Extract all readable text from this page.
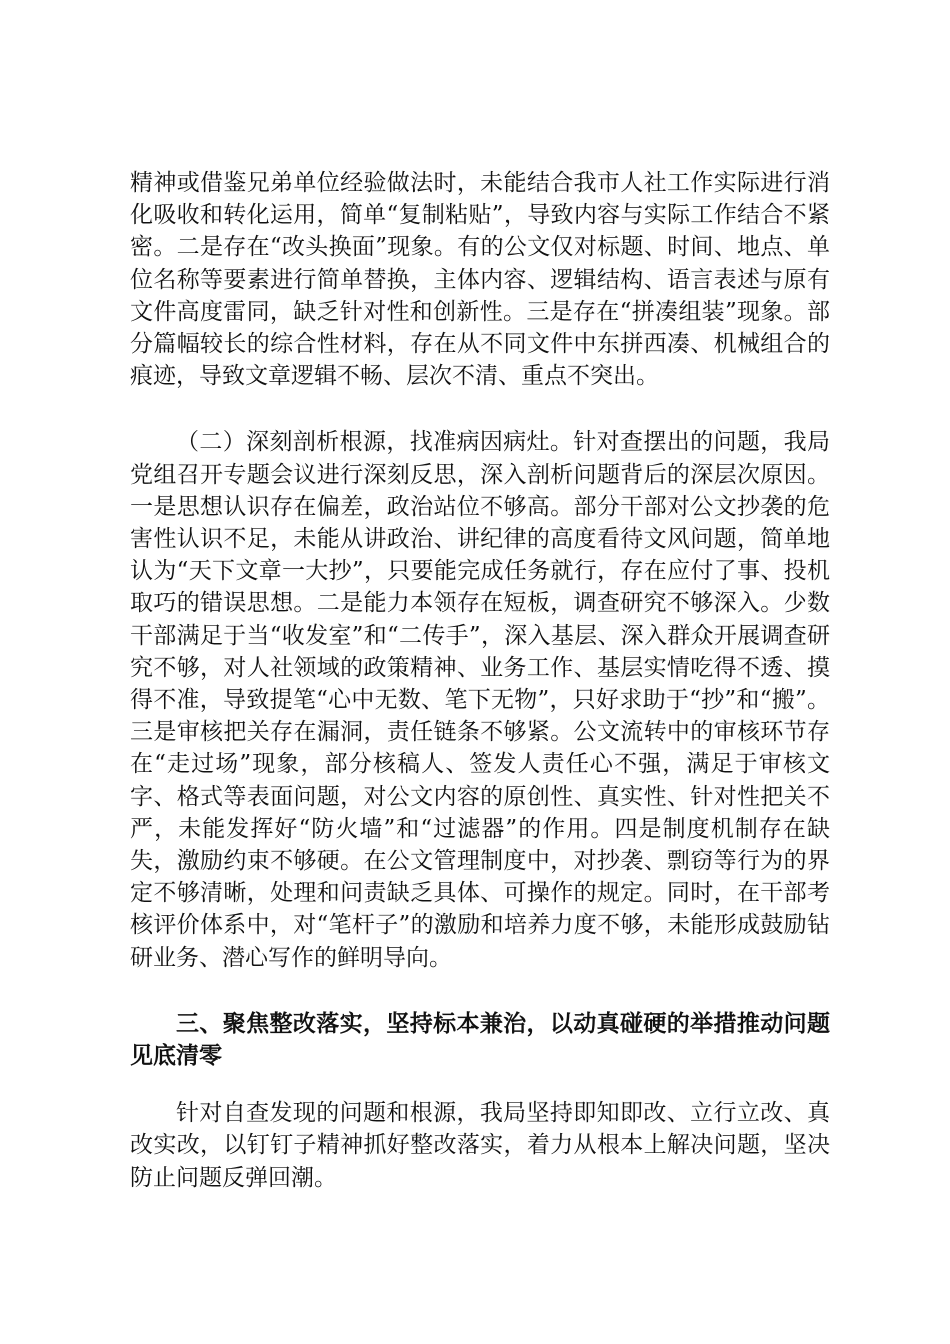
精神或借鉴兄弟单位经验做法时，未能结合我市人社工作实际进行消化吸收和转化运用，简单“复制粘贴”，导致内容与实际工作结合不紧密。二是存在“改头换面”现象。有的公文仅对标题、时间、地点、单位名称等要素进行简单替换，主体内容、逻辑结构、语言表述与原有文件高度雷同，缺乏针对性和创新性。三是存在“拼凑组装”现象。部分篇幅较长的综合性材料，存在从不同文件中东拼西凑、机械组合的痕迹，导致文章逻辑不畅、层次不清、重点不突出。

（二）深刻剖析根源，找准病因病灶。针对查摆出的问题，我局党组召开专题会议进行深刻反思，深入剖析问题背后的深层次原因。一是思想认识存在偏差，政治站位不够高。部分干部对公文抄袭的危害性认识不足，未能从讲政治、讲纪律的高度看待文风问题，简单地认为“天下文章一大抄”，只要能完成任务就行，存在应付了事、投机取巧的错误思想。二是能力本领存在短板，调查研究不够深入。少数干部满足于当“收发室”和“二传手”，深入基层、深入群众开展调查研究不够，对人社领域的政策精神、业务工作、基层实情吃得不透、摸得不准，导致提笔“心中无数、笔下无物”，只好求助于“抄”和“搬”。三是审核把关存在漏洞，责任链条不够紧。公文流转中的审核环节存在“走过场”现象，部分核稿人、签发人责任心不强，满足于审核文字、格式等表面问题，对公文内容的原创性、真实性、针对性把关不严，未能发挥好“防火墙”和“过滤器”的作用。四是制度机制存在缺失，激励约束不够硬。在公文管理制度中，对抄袭、剽窃等行为的界定不够清晰，处理和问责缺乏具体、可操作的规定。同时，在干部考核评价体系中，对“笔杆子”的激励和培养力度不够，未能形成鼓励钻研业务、潜心写作的鲜明导向。

三、聚焦整改落实，坚持标本兼治，以动真碰硬的举措推动问题见底清零

针对自查发现的问题和根源，我局坚持即知即改、立行立改、真改实改，以钉钉子精神抓好整改落实，着力从根本上解决问题，坚决防止问题反弹回潮。
